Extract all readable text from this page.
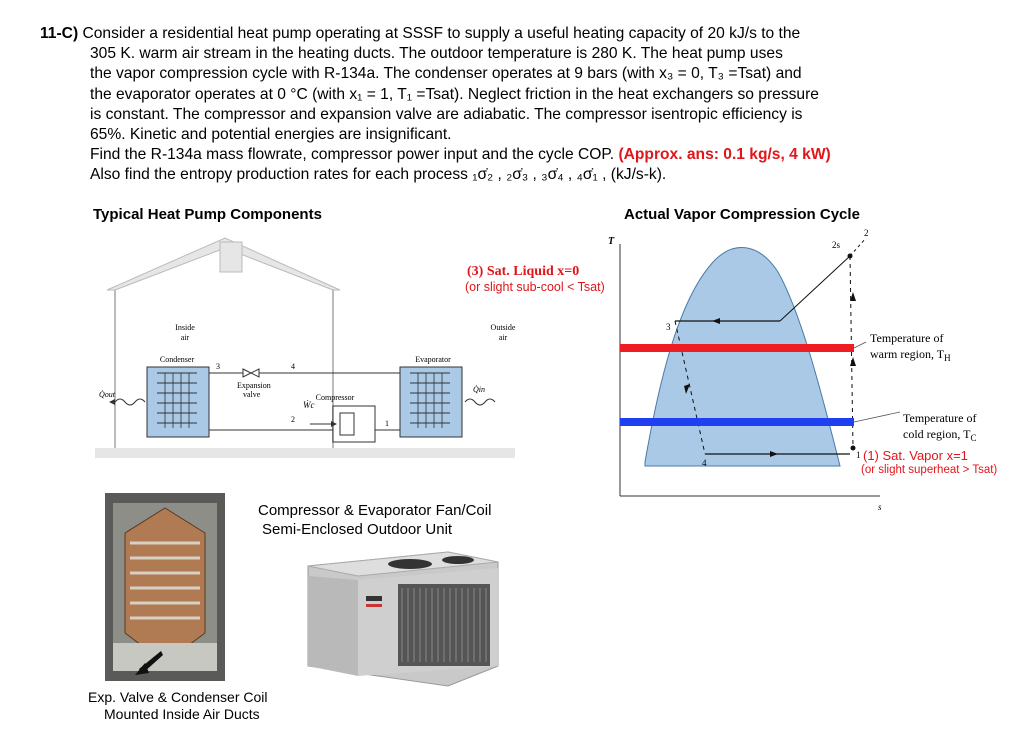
11-C) Consider a residential heat pump operating at SSSF to supply a useful heating capacity of 20 kJ/s to the
305 K. warm air stream in the heating ducts. The outdoor temperature is 280 K. The heat pump uses
the vapor compression cycle with R-134a. The condenser operates at 9 bars (with x₃ = 0, T₃ =Tsat) and
the evaporator operates at 0 °C (with x₁ = 1, T₁ =Tsat). Neglect friction in the heat exchangers so pressure
is constant. The compressor and expansion valve are adiabatic. The compressor isentropic efficiency is
65%. Kinetic and potential energies are insignificant.
Find the R-134a mass flowrate, compressor power input and the cycle COP. (Approx. ans: 0.1 kg/s, 4 kW)
Also find the entropy production rates for each process ₁σ̇₂ , ₂σ̇₃ , ₃σ̇₄ , ₄σ̇₁ , (kJ/s-k).
Typical Heat Pump Components	Actual Vapor Compression Cycle
Inside
air
Outside
air
Condenser	Evaporator
Expansion
valve	Compressor
Ẇc
3	4
2	1
Q̇out
Q̇in
(3) Sat. Liquid x=0
(or slight sub-cool < Tsat)
T
s
2s
2
3
4
1
Temperature of
warm region, $T_H$
Temperature of
cold region, $T_C$
(1) Sat. Vapor x=1
(or slight superheat > Tsat)
Compressor & Evaporator Fan/Coil
Semi-Enclosed Outdoor Unit
Exp. Valve & Condenser Coil
Mounted Inside Air Ducts
